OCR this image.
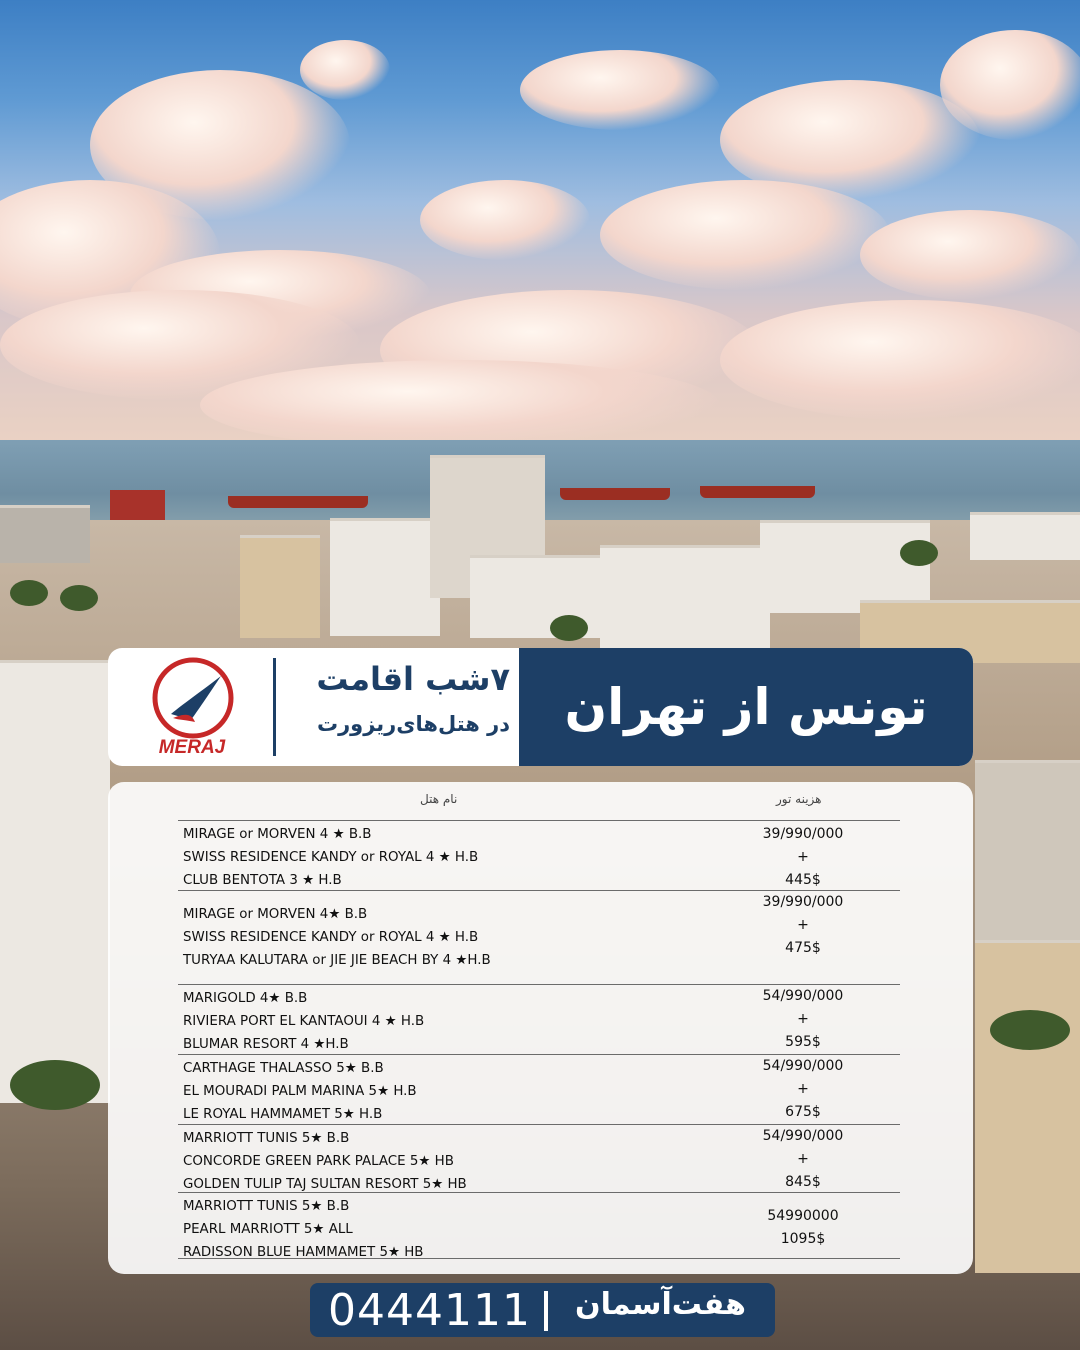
تونس از تهران
۷شب اقامت
در هتل‌های‌ریزورت
MERAJ
نام هتل	هزینه تور
MIRAGE or MORVEN 4 ★ B.B
SWISS RESIDENCE KANDY or ROYAL 4 ★ H.B
CLUB BENTOTA 3 ★ H.B
39/990/000
+
445$
MIRAGE or MORVEN 4★ B.B
SWISS RESIDENCE KANDY or ROYAL 4 ★ H.B
TURYAA KALUTARA or JIE JIE BEACH BY 4 ★H.B
39/990/000
+
475$
MARIGOLD 4★ B.B
RIVIERA PORT EL KANTAOUI 4 ★ H.B
BLUMAR RESORT 4 ★H.B
54/990/000
+
595$
CARTHAGE THALASSO 5★ B.B
EL MOURADI PALM MARINA 5★ H.B
LE ROYAL HAMMAMET 5★ H.B
54/990/000
+
675$
MARRIOTT TUNIS 5★ B.B
CONCORDE GREEN PARK PALACE 5★ HB
GOLDEN TULIP TAJ SULTAN RESORT 5★ HB
54/990/000
+
845$
MARRIOTT TUNIS 5★ B.B
PEARL MARRIOTT 5★ ALL
RADISSON BLUE HAMMAMET 5★ HB
54990000
1095$
0444111	هفت‌آسمان
